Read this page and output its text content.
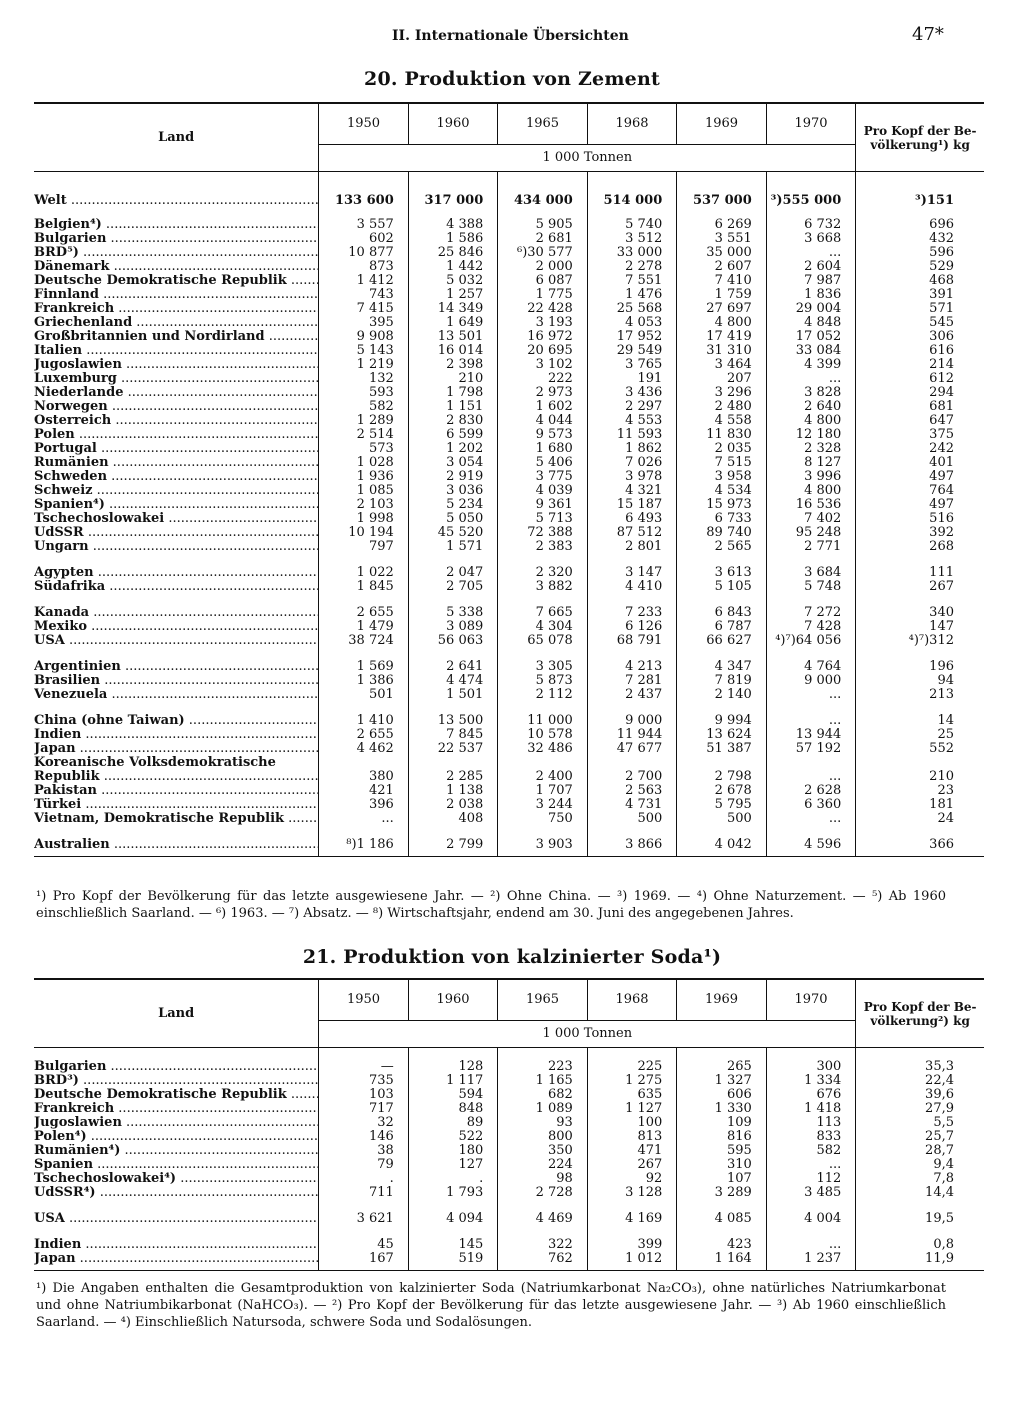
II. Internationale Übersichten	47*
20. Produktion von Zement
Land	1950	1960	1965	1968	1969	1970	Pro Kopf der Be-völkerung¹) kg
	1 000 Tonnen						

Welt .....	133 600	317 000	434 000	514 000	537 000	³)555 000	³)151
Belgien⁴) .....	3 557	4 388	5 905	5 740	6 269	6 732	696
Bulgarien .....	602	1 586	2 681	3 512	3 551	3 668	432
BRD⁵) .....	10 877	25 846	⁶)30 577	33 000	35 000	...	596
Dänemark .....	873	1 442	2 000	2 278	2 607	2 604	529
Deutsche Demokratische Republik .....	1 412	5 032	6 087	7 551	7 410	7 987	468
Finnland .....	743	1 257	1 775	1 476	1 759	1 836	391
Frankreich .....	7 415	14 349	22 428	25 568	27 697	29 004	571
Griechenland .....	395	1 649	3 193	4 053	4 800	4 848	545
Großbritannien und Nordirland .....	9 908	13 501	16 972	17 952	17 419	17 052	306
Italien .....	5 143	16 014	20 695	29 549	31 310	33 084	616
Jugoslawien .....	1 219	2 398	3 102	3 765	3 464	4 399	214
Luxemburg .....	132	210	222	191	207	...	612
Niederlande .....	593	1 798	2 973	3 436	3 296	3 828	294
Norwegen .....	582	1 151	1 602	2 297	2 480	2 640	681
Österreich .....	1 289	2 830	4 044	4 553	4 558	4 800	647
Polen .....	2 514	6 599	9 573	11 593	11 830	12 180	375
Portugal .....	573	1 202	1 680	1 862	2 035	2 328	242
Rumänien .....	1 028	3 054	5 406	7 026	7 515	8 127	401
Schweden .....	1 936	2 919	3 775	3 978	3 958	3 996	497
Schweiz .....	1 085	3 036	4 039	4 321	4 534	4 800	764
Spanien⁴) .....	2 103	5 234	9 361	15 187	15 973	16 536	497
Tschechoslowakei .....	1 998	5 050	5 713	6 493	6 733	7 402	516
UdSSR .....	10 194	45 520	72 388	87 512	89 740	95 248	392
Ungarn .....	797	1 571	2 383	2 801	2 565	2 771	268

Ägypten .....	1 022	2 047	2 320	3 147	3 613	3 684	111
Südafrika .....	1 845	2 705	3 882	4 410	5 105	5 748	267

Kanada .....	2 655	5 338	7 665	7 233	6 843	7 272	340
Mexiko .....	1 479	3 089	4 304	6 126	6 787	7 428	147
USA .....	38 724	56 063	65 078	68 791	66 627	⁴)⁷)64 056	⁴)⁷)312

Argentinien .....	1 569	2 641	3 305	4 213	4 347	4 764	196
Brasilien .....	1 386	4 474	5 873	7 281	7 819	9 000	94
Venezuela .....	501	1 501	2 112	2 437	2 140	...	213

China (ohne Taiwan) .....	1 410	13 500	11 000	9 000	9 994	...	14
Indien .....	2 655	7 845	10 578	11 944	13 624	13 944	25
Japan .....	4 462	22 537	32 486	47 677	51 387	57 192	552
Koreanische Volksdemokratische							
Republik .....	380	2 285	2 400	2 700	2 798	...	210
Pakistan .....	421	1 138	1 707	2 563	2 678	2 628	23
Türkei .....	396	2 038	3 244	4 731	5 795	6 360	181
Vietnam, Demokratische Republik .....	...	408	750	500	500	...	24

Australien .....	⁸)1 186	2 799	3 903	3 866	4 042	4 596	366

¹) Pro Kopf der Bevölkerung für das letzte ausgewiesene Jahr. — ²) Ohne China. — ³) 1969. — ⁴) Ohne Naturzement. — ⁵) Ab 1960 einschließlich Saarland. — ⁶) 1963. — ⁷) Absatz. — ⁸) Wirtschaftsjahr, endend am 30. Juni des angegebenen Jahres.
21. Produktion von kalzinierter Soda¹)
Land	1950	1960	1965	1968	1969	1970	Pro Kopf der Be-völkerung²) kg
	1 000 Tonnen						

Bulgarien .....	—	128	223	225	265	300	35,3
BRD³) .....	735	1 117	1 165	1 275	1 327	1 334	22,4
Deutsche Demokratische Republik .....	103	594	682	635	606	676	39,6
Frankreich .....	717	848	1 089	1 127	1 330	1 418	27,9
Jugoslawien .....	32	89	93	100	109	113	5,5
Polen⁴) .....	146	522	800	813	816	833	25,7
Rumänien⁴) .....	38	180	350	471	595	582	28,7
Spanien .....	79	127	224	267	310	...	9,4
Tschechoslowakei⁴) .....	.	.	98	92	107	112	7,8
UdSSR⁴) .....	711	1 793	2 728	3 128	3 289	3 485	14,4

USA .....	3 621	4 094	4 469	4 169	4 085	4 004	19,5

Indien .....	45	145	322	399	423	...	0,8
Japan .....	167	519	762	1 012	1 164	1 237	11,9

¹) Die Angaben enthalten die Gesamtproduktion von kalzinierter Soda (Natriumkarbonat Na₂CO₃), ohne natürliches Natriumkarbonat und ohne Natriumbikarbonat (NaHCO₃). — ²) Pro Kopf der Bevölkerung für das letzte ausgewiesene Jahr. — ³) Ab 1960 einschließlich Saarland. — ⁴) Einschließlich Natursoda, schwere Soda und Sodalösungen.
